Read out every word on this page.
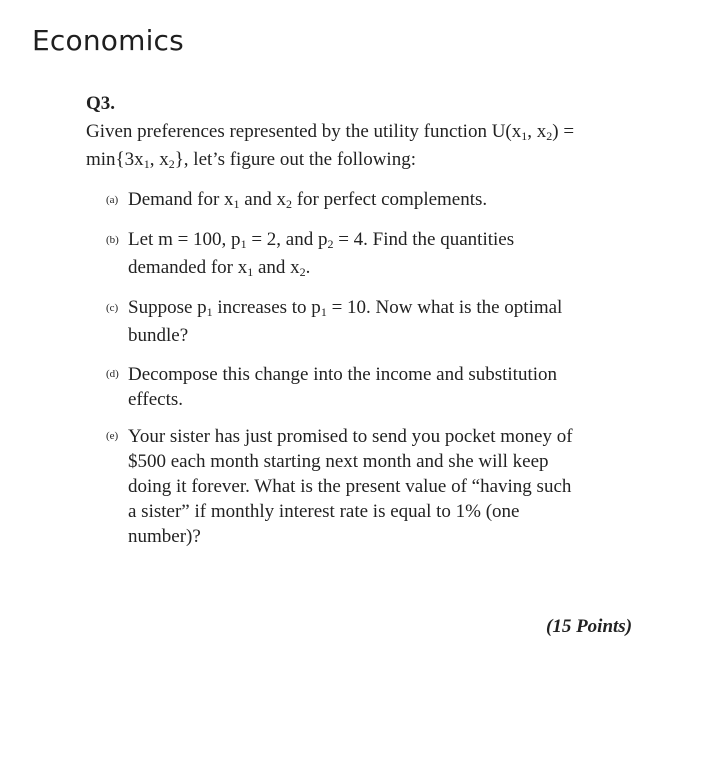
Economics
Q3.
Given preferences represented by the utility function $U(x_1$, $x_2$) =
$\min\{3x_1$, $x_2$}, let’s figure out the following:
(a) Demand for $x_1$ and $x_2$ for perfect complements.
(b) Let m = 100, $p_1 = 2$, and $p_2 = 4$. Find the quantities
demanded for $x_1$ and $x_2$.
(c) Suppose $p_1$ increases to $p_1 = 10$. Now what is the optimal
bundle?
(d) Decompose this change into the income and substitution
effects.
(e) Your sister has just promised to send you pocket money of
$500 each month starting next month and she will keep
doing it forever. What is the present value of “having such
a sister” if monthly interest rate is equal to 1% (one
number)?
(15 Points)
